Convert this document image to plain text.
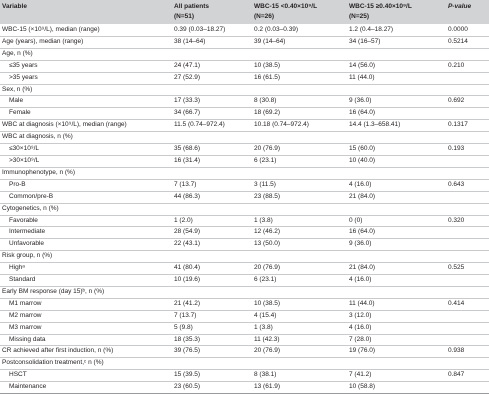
Variable	All patients	WBC-15 <0.40×10⁹/L	WBC-15 ≥0.40×10⁹/L	P-value
	(N=51)	(N=26)	(N=25)	
WBC-15 (×10⁹/L), median (range)	0.39 (0.03–18.27)	0.2 (0.03–0.39)	1.2 (0.4–18.27)	0.0000
Age (years), median (range)	38 (14–64)	39 (14–64)	34 (16–57)	0.5214
Age, n (%)				
≤35 years	24 (47.1)	10 (38.5)	14 (56.0)	0.210
>35 years	27 (52.9)	16 (61.5)	11 (44.0)	
Sex, n (%)				
Male	17 (33.3)	8 (30.8)	9 (36.0)	0.692
Female	34 (66.7)	18 (69.2)	16 (64.0)	
WBC at diagnosis (×10⁹/L), median (range)	11.5 (0.74–972.4)	10.18 (0.74–972.4)	14.4 (1.3–658.41)	0.1317
WBC at diagnosis, n (%)				
≤30×10⁹/L	35 (68.6)	20 (76.9)	15 (60.0)	0.193
>30×10⁹/L	16 (31.4)	6 (23.1)	10 (40.0)	
Immunophenotype, n (%)				
Pro-B	7 (13.7)	3 (11.5)	4 (16.0)	0.643
Common/pre-B	44 (86.3)	23 (88.5)	21 (84.0)	
Cytogenetics, n (%)				
Favorable	1 (2.0)	1 (3.8)	0 (0)	0.320
Intermediate	28 (54.9)	12 (46.2)	16 (64.0)	
Unfavorable	22 (43.1)	13 (50.0)	9 (36.0)	
Risk group, n (%)				
Highᵃ	41 (80.4)	20 (76.9)	21 (84.0)	0.525
Standard	10 (19.6)	6 (23.1)	4 (16.0)	
Early BM response (day 15)ᵇ, n (%)				
M1 marrow	21 (41.2)	10 (38.5)	11 (44.0)	0.414
M2 marrow	7 (13.7)	4 (15.4)	3 (12.0)	
M3 marrow	5 (9.8)	1 (3.8)	4 (16.0)	
Missing data	18 (35.3)	11 (42.3)	7 (28.0)	
CR achieved after first induction, n (%)	39 (76.5)	20 (76.9)	19 (76.0)	0.938
Postconsolidation treatment,ᶜ n (%)				
HSCT	15 (39.5)	8 (38.1)	7 (41.2)	0.847
Maintenance	23 (60.5)	13 (61.9)	10 (58.8)	
